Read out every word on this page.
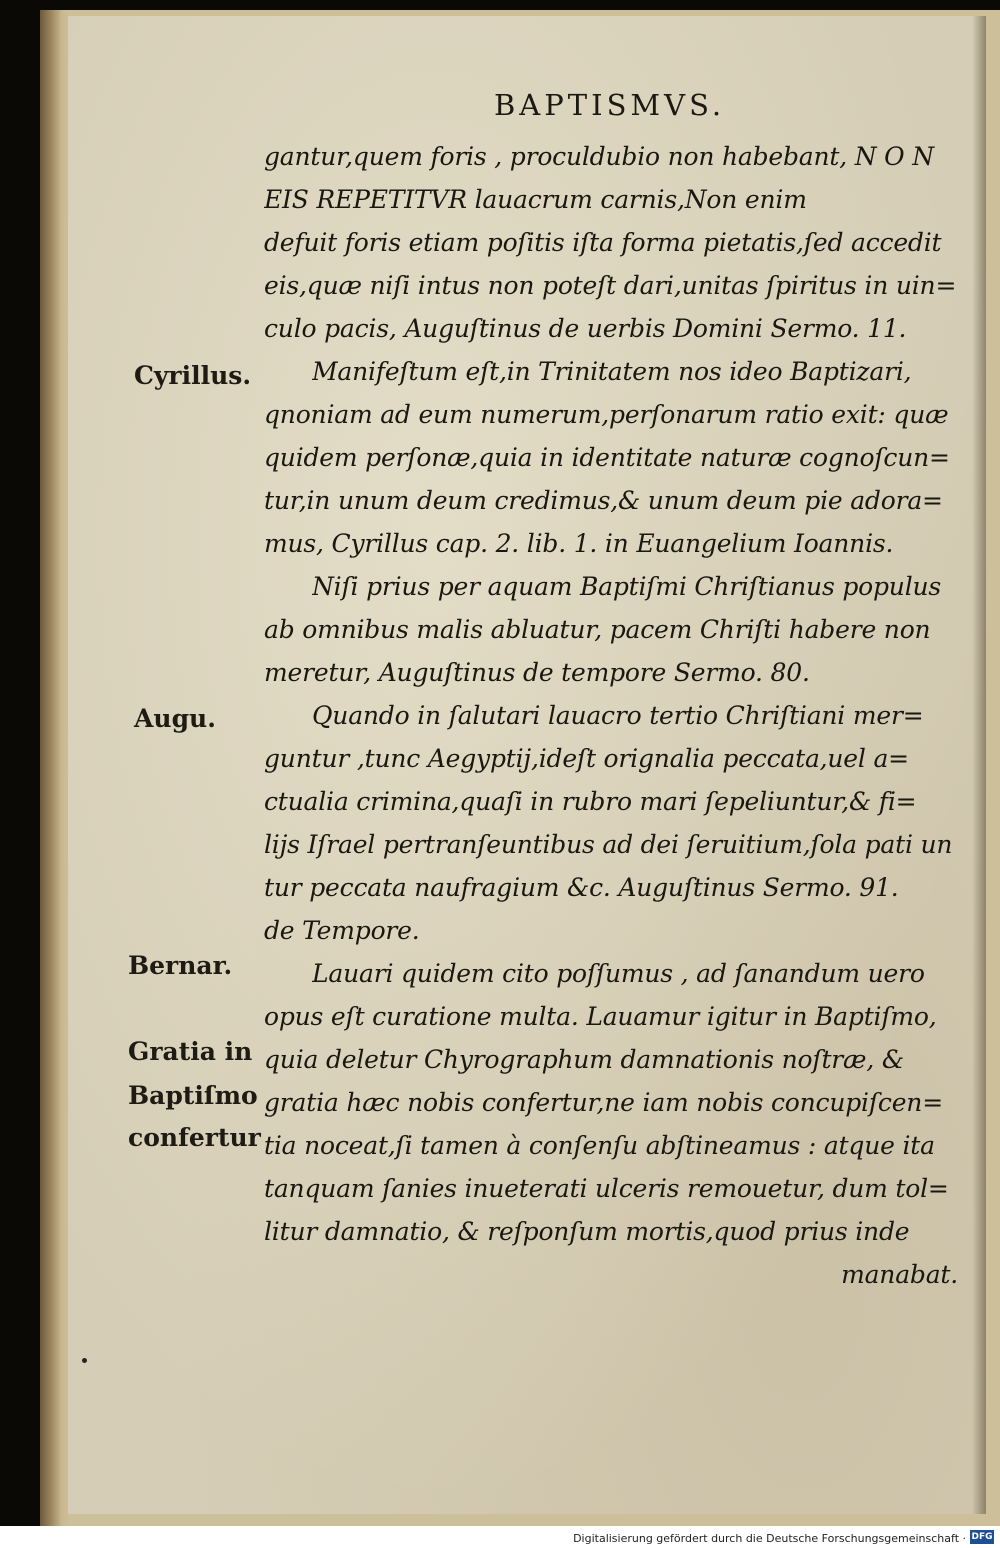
BAPTISMVS.
Cyrillus.
Augu.
Bernar.
Gratia in
Baptiſmo
confertur
gantur,quem foris , proculdubio non habebant, N O N
EIS REPETITVR lauacrum carnis,Non enim
defuit foris etiam poſitis iſta forma pietatis,ſed accedit
eis,quæ niſi intus non poteſt dari,unitas ſpiritus in uin=
culo pacis, Auguſtinus de uerbis Domini Sermo. 11.
Manifeſtum eſt,in Trinitatem nos ideo Baptizari,
qnoniam ad eum numerum,perſonarum ratio exit: quæ
quidem perſonæ,quia in identitate naturæ cognoſcun=
tur,in unum deum credimus,& unum deum pie adora=
mus, Cyrillus cap. 2. lib. 1. in Euangelium Ioannis.
Niſi prius per aquam Baptiſmi Chriſtianus populus
ab omnibus malis abluatur, pacem Chriſti habere non
meretur, Auguſtinus de tempore Sermo. 80.
Quando in ſalutari lauacro tertio Chriſtiani mer=
guntur ,tunc Aegyptij,ideſt orignalia peccata,uel a=
ctualia crimina,quaſi in rubro mari ſepeliuntur,& fi=
lijs Iſrael pertranſeuntibus ad dei ſeruitium,ſola pati un
tur peccata naufragium &c. Auguſtinus Sermo. 91.
de Tempore.
Lauari quidem cito poſſumus , ad ſanandum uero
opus eſt curatione multa. Lauamur igitur in Baptiſmo,
quia deletur Chyrographum damnationis noſtræ, &
gratia hæc nobis confertur,ne iam nobis concupiſcen=
tia noceat,ſi tamen à conſenſu abſtineamus : atque ita
tanquam ſanies inueterati ulceris remouetur, dum tol=
litur damnatio, & reſponſum mortis,quod prius inde
manabat.
Digitalisierung gefördert durch die Deutsche Forschungsgemeinschaft · DFG
